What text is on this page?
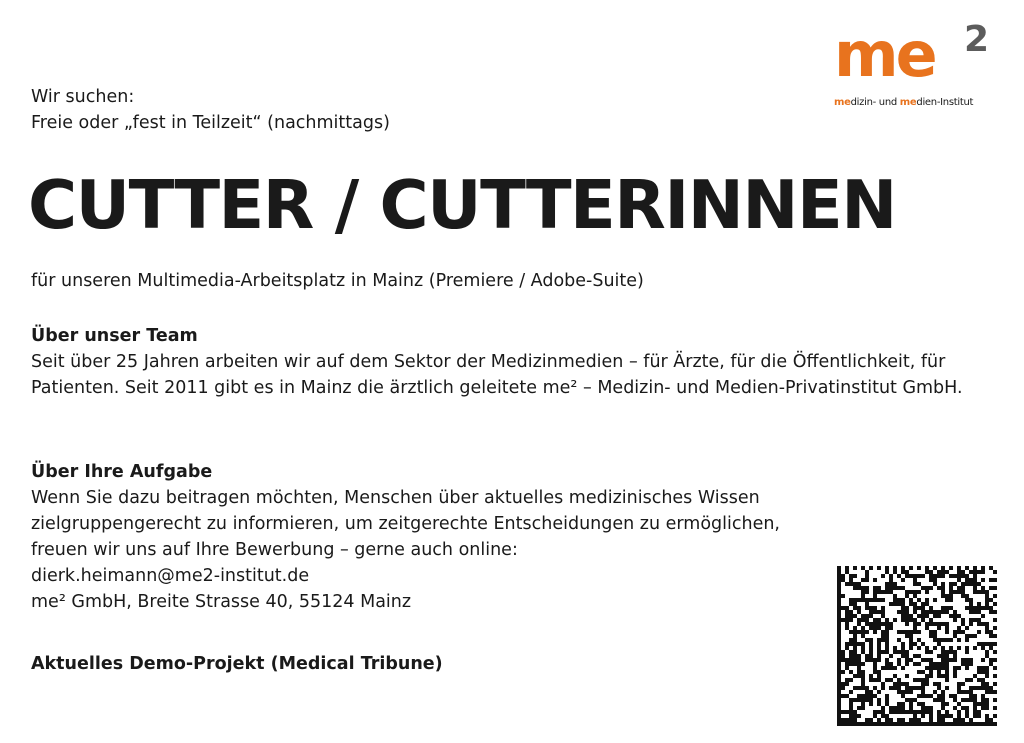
me 2
medizin- und medien-Institut
Wir suchen:
Freie oder „fest in Teilzeit“ (nachmittags)
CUTTER / CUTTERINNEN
für unseren Multimedia-Arbeitsplatz in Mainz (Premiere / Adobe-Suite)
Über unser Team
Seit über 25 Jahren arbeiten wir auf dem Sektor der Medizinmedien – für Ärzte, für die Öffentlichkeit, für Patienten. Seit 2011 gibt es in Mainz die ärztlich geleitete me² – Medizin- und Medien-Privatinstitut GmbH.
Über Ihre Aufgabe
Wenn Sie dazu beitragen möchten, Menschen über aktuelles medizinisches Wissen
zielgruppengerecht zu informieren, um zeitgerechte Entscheidungen zu ermöglichen,
freuen wir uns auf Ihre Bewerbung – gerne auch online:
dierk.heimann@me2-institut.de
me² GmbH, Breite Strasse 40, 55124 Mainz
Aktuelles Demo-Projekt (Medical Tribune)
